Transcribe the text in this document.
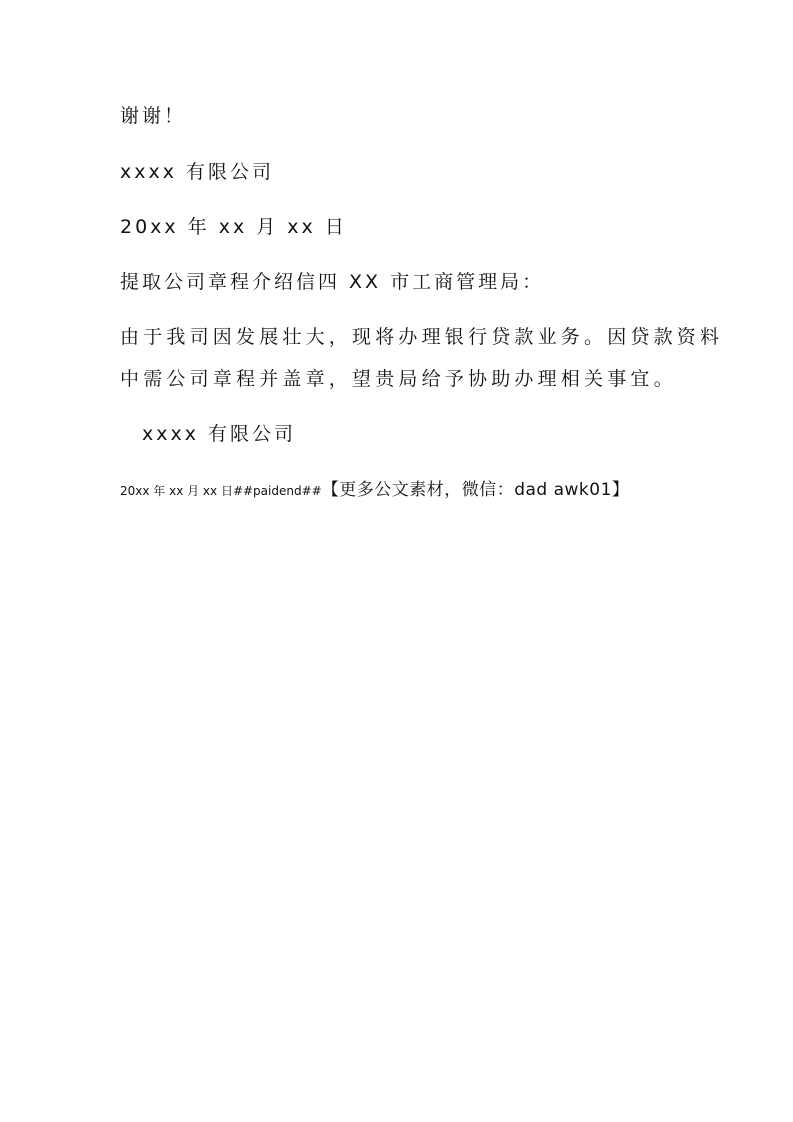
谢谢！
xxxx 有限公司
20xx 年 xx 月 xx 日
提取公司章程介绍信四 XX 市工商管理局：
由于我司因发展壮大，现将办理银行贷款业务。因贷款资料
中需公司章程并盖章，望贵局给予协助办理相关事宜。
xxxx 有限公司
20xx 年 xx 月 xx 日##paidend##【更多公文素材，微信：dad awk01】
